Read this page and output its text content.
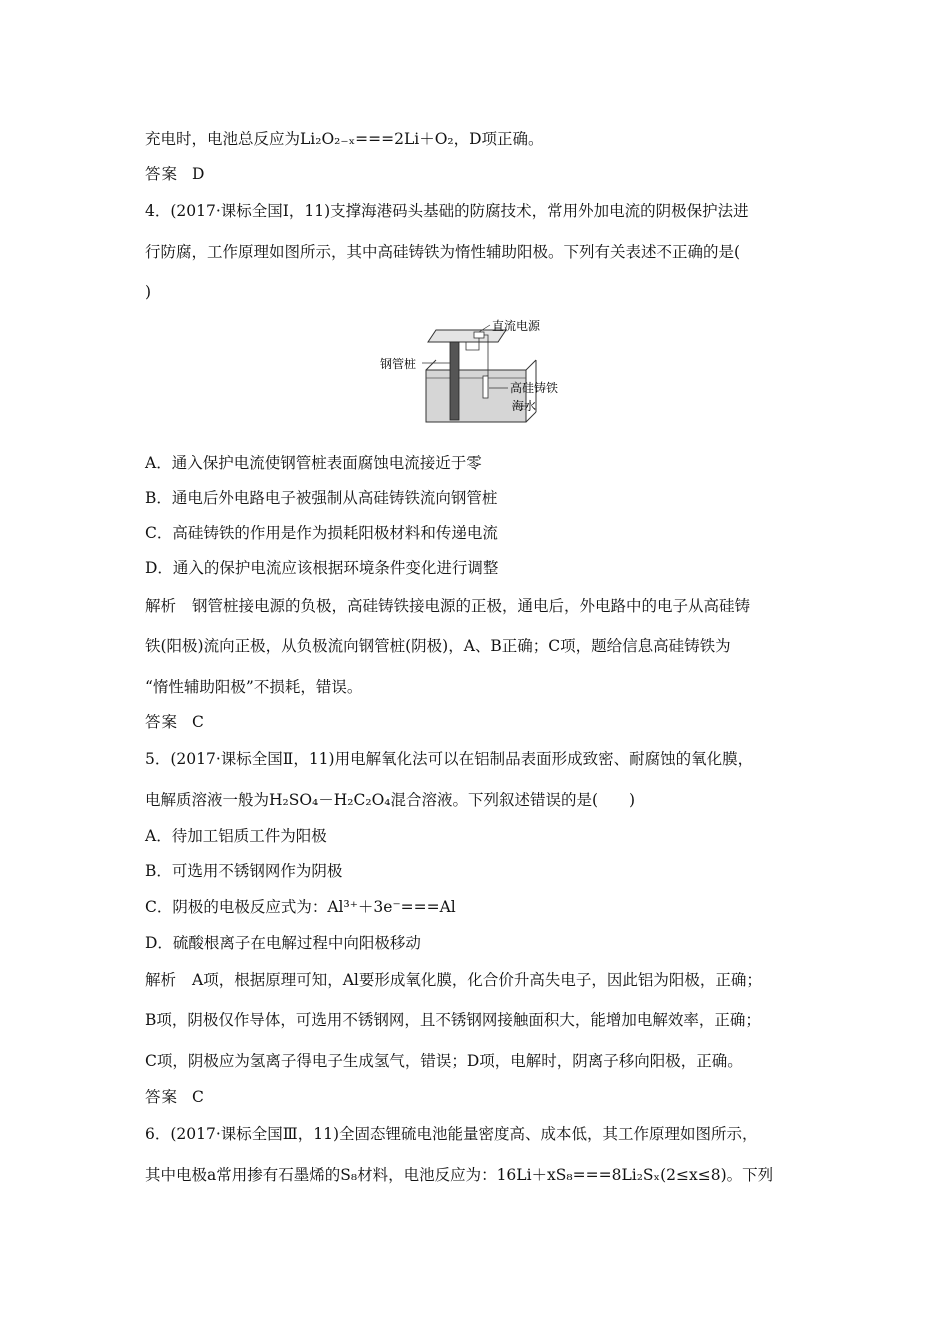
充电时，电池总反应为Li₂O₂₋ₓ===2Li＋O₂，D项正确。
答案 D
4．(2017·课标全国Ⅰ，11)支撑海港码头基础的防腐技术，常用外加电流的阴极保护法进
行防腐，工作原理如图所示，其中高硅铸铁为惰性辅助阳极。下列有关表述不正确的是(
)
直流电源
钢管桩
高硅铸铁
海水
A．通入保护电流使钢管桩表面腐蚀电流接近于零
B．通电后外电路电子被强制从高硅铸铁流向钢管桩
C．高硅铸铁的作用是作为损耗阳极材料和传递电流
D．通入的保护电流应该根据环境条件变化进行调整
解析 钢管桩接电源的负极，高硅铸铁接电源的正极，通电后，外电路中的电子从高硅铸
铁(阳极)流向正极，从负极流向钢管桩(阴极)，A、B正确；C项，题给信息高硅铸铁为
“惰性辅助阳极”不损耗，错误。
答案 C
5．(2017·课标全国Ⅱ，11)用电解氧化法可以在铝制品表面形成致密、耐腐蚀的氧化膜，
电解质溶液一般为H₂SO₄－H₂C₂O₄混合溶液。下列叙述错误的是(　　)
A．待加工铝质工件为阳极
B．可选用不锈钢网作为阴极
C．阴极的电极反应式为：Al³⁺＋3e⁻===Al
D．硫酸根离子在电解过程中向阳极移动
解析 A项，根据原理可知，Al要形成氧化膜，化合价升高失电子，因此铝为阳极，正确；
B项，阴极仅作导体，可选用不锈钢网，且不锈钢网接触面积大，能增加电解效率，正确；
C项，阴极应为氢离子得电子生成氢气，错误；D项，电解时，阴离子移向阳极，正确。
答案 C
6．(2017·课标全国Ⅲ，11)全固态锂硫电池能量密度高、成本低，其工作原理如图所示，
其中电极a常用掺有石墨烯的S₈材料，电池反应为：16Li＋xS₈===8Li₂Sₓ(2≤x≤8)。下列
